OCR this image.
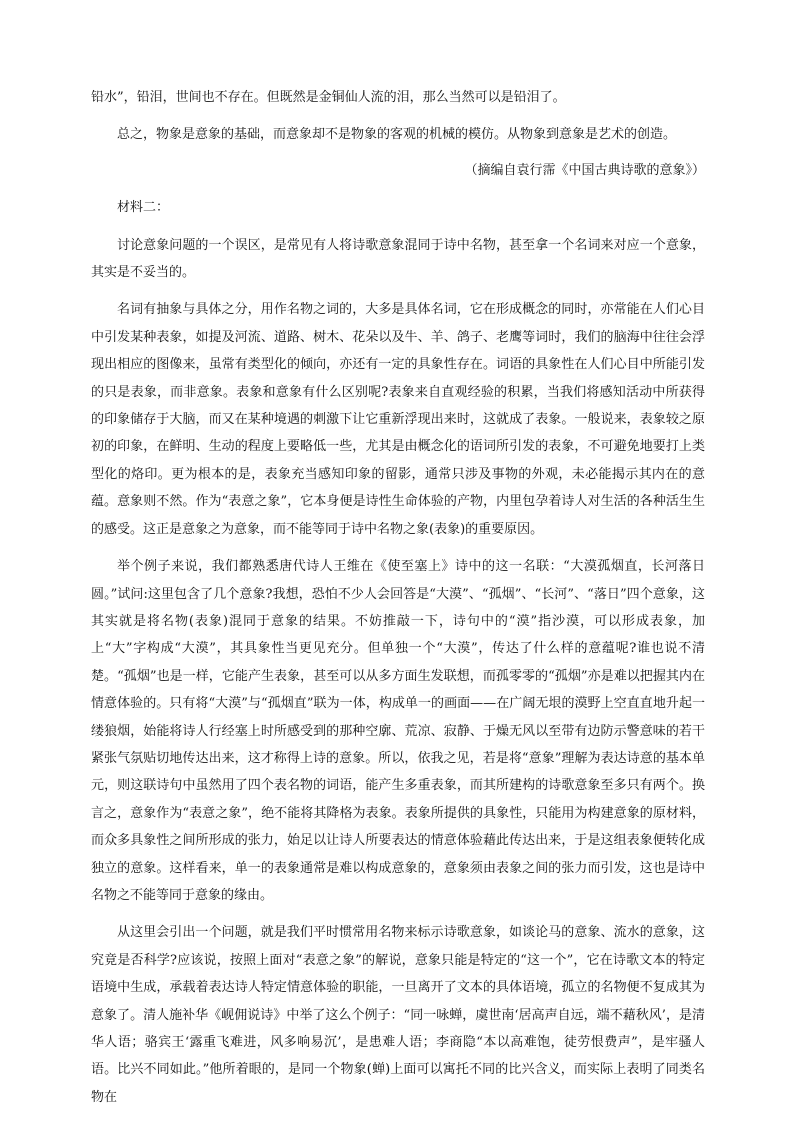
铅水”，铅泪，世间也不存在。但既然是金铜仙人流的泪，那么当然可以是铅泪了。

总之，物象是意象的基础，而意象却不是物象的客观的机械的模仿。从物象到意象是艺术的创造。

（摘编自袁行霈《中国古典诗歌的意象》）

材料二：

讨论意象问题的一个误区，是常见有人将诗歌意象混同于诗中名物，甚至拿一个名词来对应一个意象，其实是不妥当的。

名词有抽象与具体之分，用作名物之词的，大多是具体名词，它在形成概念的同时，亦常能在人们心目中引发某种表象，如提及河流、道路、树木、花朵以及牛、羊、鸽子、老鹰等词时，我们的脑海中往往会浮现出相应的图像来，虽常有类型化的倾向，亦还有一定的具象性存在。词语的具象性在人们心目中所能引发的只是表象，而非意象。表象和意象有什么区别呢?表象来自直观经验的积累，当我们将感知活动中所获得的印象储存于大脑，而又在某种境遇的刺激下让它重新浮现出来时，这就成了表象。一般说来，表象较之原初的印象，在鲜明、生动的程度上要略低一些，尤其是由概念化的语词所引发的表象，不可避免地要打上类型化的烙印。更为根本的是，表象充当感知印象的留影，通常只涉及事物的外观，未必能揭示其内在的意蕴。意象则不然。作为“表意之象”，它本身便是诗性生命体验的产物，内里包孕着诗人对生活的各种活生生的感受。这正是意象之为意象，而不能等同于诗中名物之象(表象)的重要原因。

举个例子来说，我们都熟悉唐代诗人王维在《使至塞上》诗中的这一名联：“大漠孤烟直，长河落日圆。”试问:这里包含了几个意象?我想，恐怕不少人会回答是“大漠”、“孤烟”、“长河”、“落日”四个意象，这其实就是将名物(表象)混同于意象的结果。不妨推敲一下，诗句中的“漠”指沙漠，可以形成表象，加上“大”字构成“大漠”，其具象性当更见充分。但单独一个“大漠”，传达了什么样的意蕴呢?谁也说不清楚。“孤烟”也是一样，它能产生表象，甚至可以从多方面生发联想，而孤零零的“孤烟”亦是难以把握其内在情意体验的。只有将“大漠”与“孤烟直”联为一体，构成单一的画面——在广阔无垠的漠野上空直直地升起一缕狼烟，始能将诗人行经塞上时所感受到的那种空廓、荒凉、寂静、于燥无风以至带有边防示警意味的若干紧张气氛贴切地传达出来，这才称得上诗的意象。所以，依我之见，若是将“意象”理解为表达诗意的基本单元，则这联诗句中虽然用了四个表名物的词语，能产生多重表象，而其所建构的诗歌意象至多只有两个。换言之，意象作为“表意之象”，绝不能将其降格为表象。表象所提供的具象性，只能用为构建意象的原材料，而众多具象性之间所形成的张力，始足以让诗人所要表达的情意体验藉此传达出来，于是这组表象便转化成独立的意象。这样看来，单一的表象通常是难以构成意象的，意象须由表象之间的张力而引发，这也是诗中名物之不能等同于意象的缘由。

从这里会引出一个问题，就是我们平时惯常用名物来标示诗歌意象，如谈论马的意象、流水的意象，这究竟是否科学?应该说，按照上面对“表意之象”的解说，意象只能是特定的“这一个”，它在诗歌文本的特定语境中生成，承载着表达诗人特定情意体验的职能，一旦离开了文本的具体语境，孤立的名物便不复成其为意象了。清人施补华《岘佣说诗》中举了这么个例子：“同一咏蝉，虞世南‘居高声自远，端不藉秋风’，是清华人语；骆宾王‘露重飞难进，风多响易沉’，是患难人语；李商隐“本以高难饱，徒劳恨费声”，是牢骚人语。比兴不同如此。”他所着眼的，是同一个物象(蝉)上面可以寓托不同的比兴含义，而实际上表明了同类名物在
